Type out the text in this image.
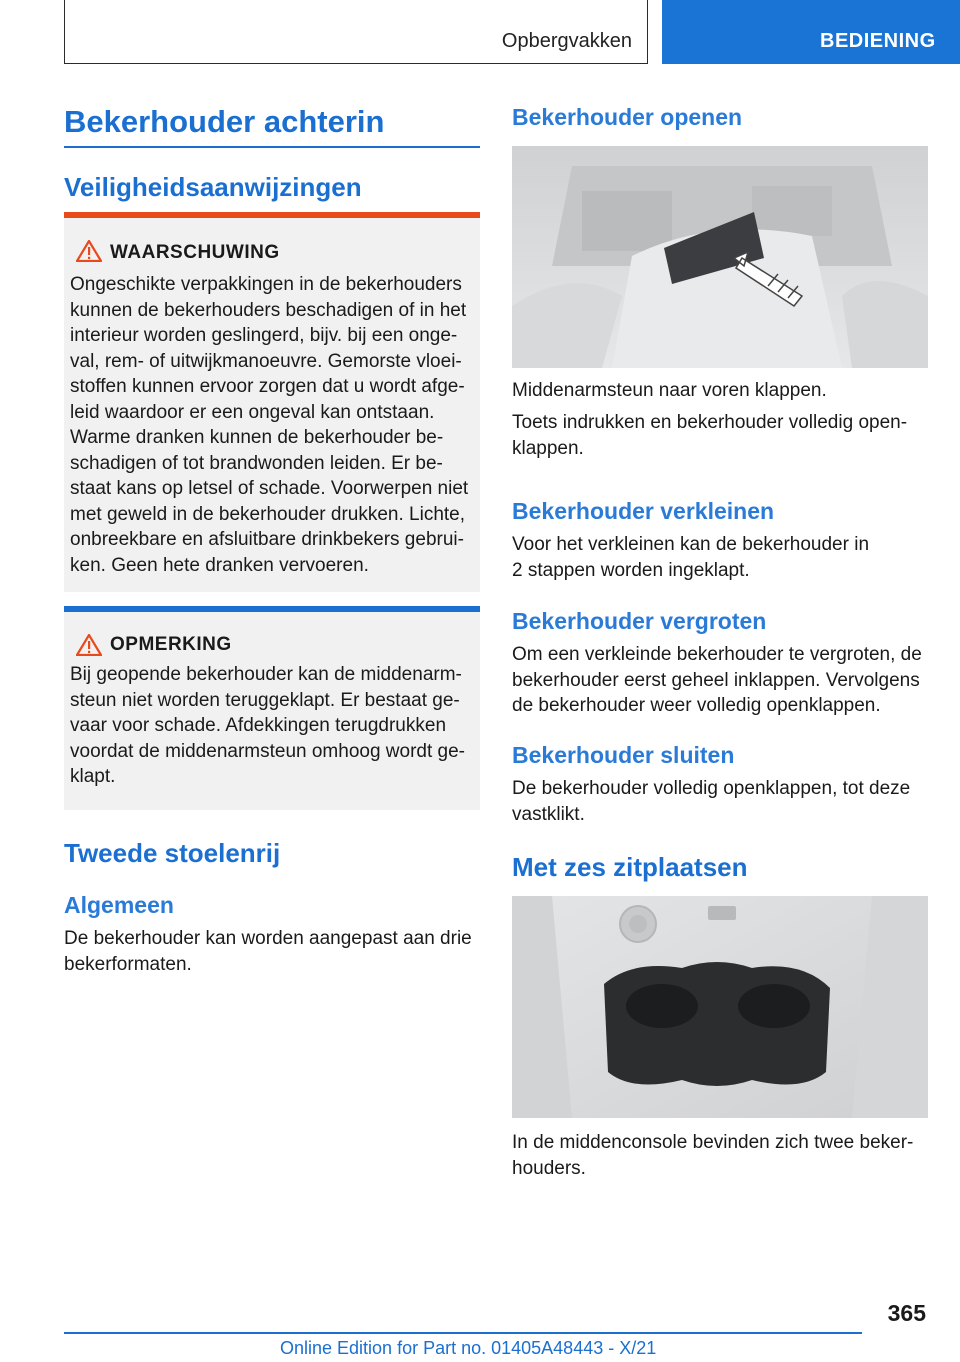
Opbergvakken	BEDIENING
Bekerhouder achterin
Veiligheidsaanwijzingen
WAARSCHUWING
Ongeschikte verpakkingen in de bekerhouders
kunnen de bekerhouders beschadigen of in het
interieur worden geslingerd, bijv. bij een onge-
val, rem- of uitwijkmanoeuvre. Gemorste vloei-
stoffen kunnen ervoor zorgen dat u wordt afge-
leid waardoor er een ongeval kan ontstaan.
Warme dranken kunnen de bekerhouder be-
schadigen of tot brandwonden leiden. Er be-
staat kans op letsel of schade. Voorwerpen niet
met geweld in de bekerhouder drukken. Lichte,
onbreekbare en afsluitbare drinkbekers gebrui-
ken. Geen hete dranken vervoeren.
OPMERKING
Bij geopende bekerhouder kan de middenarm-
steun niet worden teruggeklapt. Er bestaat ge-
vaar voor schade. Afdekkingen terugdrukken
voordat de middenarmsteun omhoog wordt ge-
klapt.
Tweede stoelenrij
Algemeen
De bekerhouder kan worden aangepast aan drie
bekerformaten.
Bekerhouder openen
Middenarmsteun naar voren klappen.
Toets indrukken en bekerhouder volledig open-
klappen.
Bekerhouder verkleinen
Voor het verkleinen kan de bekerhouder in
2 stappen worden ingeklapt.
Bekerhouder vergroten
Om een verkleinde bekerhouder te vergroten, de
bekerhouder eerst geheel inklappen. Vervolgens
de bekerhouder weer volledig openklappen.
Bekerhouder sluiten
De bekerhouder volledig openklappen, tot deze
vastklikt.
Met zes zitplaatsen
In de middenconsole bevinden zich twee beker-
houders.
365
Online Edition for Part no. 01405A48443 - X/21
